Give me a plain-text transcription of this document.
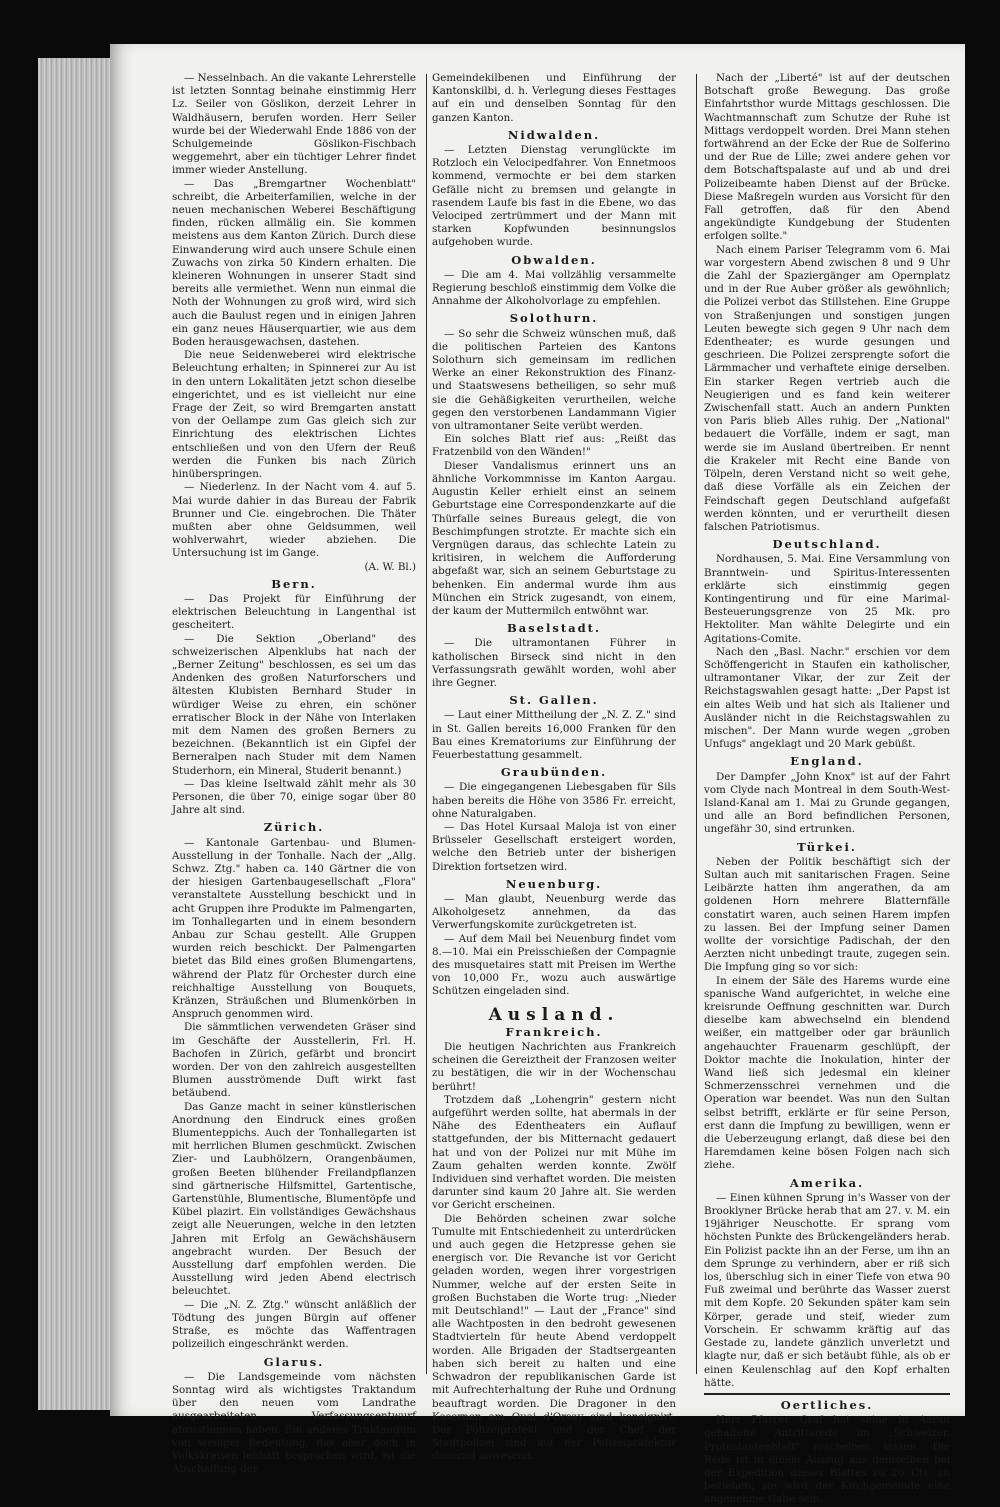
— Nesselnbach. An die vakante Lehrerstelle ist letzten Sonntag beinahe einstimmig Herr Lz. Seiler von Göslikon, derzeit Lehrer in Waldhäusern, berufen worden. Herr Seiler wurde bei der Wiederwahl Ende 1886 von der Schulgemeinde Göslikon-Fischbach weggemehrt, aber ein tüchtiger Lehrer findet immer wieder Anstellung.

— Das „Bremgartner Wochenblatt" schreibt, die Arbeiterfamilien, welche in der neuen mechanischen Weberei Beschäftigung finden, rücken allmälig ein. Sie kommen meistens aus dem Kanton Zürich. Durch diese Einwanderung wird auch unsere Schule einen Zuwachs von zirka 50 Kindern erhalten. Die kleineren Wohnungen in unserer Stadt sind bereits alle vermiethet. Wenn nun einmal die Noth der Wohnungen zu groß wird, wird sich auch die Baulust regen und in einigen Jahren ein ganz neues Häuserquartier, wie aus dem Boden herausgewachsen, dastehen.

Die neue Seidenweberei wird elektrische Beleuchtung erhalten; in Spinnerei zur Au ist in den untern Lokalitäten jetzt schon dieselbe eingerichtet, und es ist vielleicht nur eine Frage der Zeit, so wird Bremgarten anstatt von der Oellampe zum Gas gleich sich zur Einrichtung des elektrischen Lichtes entschließen und von den Ufern der Reuß werden die Funken bis nach Zürich hinüberspringen.

— Niederlenz. In der Nacht vom 4. auf 5. Mai wurde dahier in das Bureau der Fabrik Brunner und Cie. eingebrochen. Die Thäter mußten aber ohne Geldsummen, weil wohlverwahrt, wieder abziehen. Die Untersuchung ist im Gange.

(A. W. Bl.)
Bern.

— Das Projekt für Einführung der elektrischen Beleuchtung in Langenthal ist gescheitert.

— Die Sektion „Oberland" des schweizerischen Alpenklubs hat nach der „Berner Zeitung" beschlossen, es sei um das Andenken des großen Naturforschers und ältesten Klubisten Bernhard Studer in würdiger Weise zu ehren, ein schöner erratischer Block in der Nähe von Interlaken mit dem Namen des großen Berners zu bezeichnen. (Bekanntlich ist ein Gipfel der Berneralpen nach Studer mit dem Namen Studerhorn, ein Mineral, Studerit benannt.)

— Das kleine Iseltwald zählt mehr als 30 Personen, die über 70, einige sogar über 80 Jahre alt sind.

Zürich.

— Kantonale Gartenbau- und Blumen-Ausstellung in der Tonhalle. Nach der „Allg. Schwz. Ztg." haben ca. 140 Gärtner die von der hiesigen Gartenbaugesellschaft „Flora" veranstaltete Ausstellung beschickt und in acht Gruppen ihre Produkte im Palmengarten, im Tonhallegarten und in einem besondern Anbau zur Schau gestellt. Alle Gruppen wurden reich beschickt. Der Palmengarten bietet das Bild eines großen Blumengartens, während der Platz für Orchester durch eine reichhaltige Ausstellung von Bouquets, Kränzen, Sträußchen und Blumenkörben in Anspruch genommen wird.

Die sämmtlichen verwendeten Gräser sind im Geschäfte der Ausstellerin, Frl. H. Bachofen in Zürich, gefärbt und broncirt worden. Der von den zahlreich ausgestellten Blumen ausströmende Duft wirkt fast betäubend.

Das Ganze macht in seiner künstlerischen Anordnung den Eindruck eines großen Blumenteppichs. Auch der Tonhallegarten ist mit herrlichen Blumen geschmückt. Zwischen Zier- und Laubhölzern, Orangenbäumen, großen Beeten blühender Freilandpflanzen sind gärtnerische Hilfsmittel, Gartentische, Gartenstühle, Blumentische, Blumentöpfe und Kübel plazirt. Ein vollständiges Gewächshaus zeigt alle Neuerungen, welche in den letzten Jahren mit Erfolg an Gewächshäusern angebracht wurden. Der Besuch der Ausstellung darf empfohlen werden. Die Ausstellung wird jeden Abend electrisch beleuchtet.

— Die „N. Z. Ztg." wünscht anläßlich der Tödtung des jungen Bürgin auf offener Straße, es möchte das Waffentragen polizeilich eingeschränkt werden.

Glarus.

— Die Landsgemeinde vom nächsten Sonntag wird als wichtigstes Traktandum über den neuen vom Landrathe ausgearbeiteten Verfassungsentwurf abzustimmen haben. Ein anderes Traktandum von weniger Bedeutung, das aber doch in Volkskreisen lebhaft besprochen wird, ist die Abschaffung der

Gemeindekilbenen und Einführung der Kantonskilbi, d. h. Verlegung dieses Festtages auf ein und denselben Sonntag für den ganzen Kanton.

Nidwalden.

— Letzten Dienstag verunglückte im Rotzloch ein Velocipedfahrer. Von Ennetmoos kommend, vermochte er bei dem starken Gefälle nicht zu bremsen und gelangte in rasendem Laufe bis fast in die Ebene, wo das Velociped zertrümmert und der Mann mit starken Kopfwunden besinnungslos aufgehoben wurde.

Obwalden.

— Die am 4. Mai vollzählig versammelte Regierung beschloß einstimmig dem Volke die Annahme der Alkoholvorlage zu empfehlen.

Solothurn.

— So sehr die Schweiz wünschen muß, daß die politischen Parteien des Kantons Solothurn sich gemeinsam im redlichen Werke an einer Rekonstruktion des Finanz- und Staatswesens betheiligen, so sehr muß sie die Gehäßigkeiten verurtheilen, welche gegen den verstorbenen Landammann Vigier von ultramontaner Seite verübt werden.

Ein solches Blatt rief aus: „Reißt das Fratzenbild von den Wänden!"

Dieser Vandalismus erinnert uns an ähnliche Vorkommnisse im Kanton Aargau. Augustin Keller erhielt einst an seinem Geburtstage eine Correspondenzkarte auf die Thürfalle seines Bureaus gelegt, die von Beschimpfungen strotzte. Er machte sich ein Vergnügen daraus, das schlechte Latein zu kritisiren, in welchem die Aufforderung abgefaßt war, sich an seinem Geburtstage zu behenken. Ein andermal wurde ihm aus München ein Strick zugesandt, von einem, der kaum der Muttermilch entwöhnt war.

Baselstadt.

— Die ultramontanen Führer in katholischen Birseck sind nicht in den Verfassungsrath gewählt worden, wohl aber ihre Gegner.

St. Gallen.

— Laut einer Mittheilung der „N. Z. Z." sind in St. Gallen bereits 16,000 Franken für den Bau eines Krematoriums zur Einführung der Feuerbestattung gesammelt.

Graubünden.

— Die eingegangenen Liebesgaben für Sils haben bereits die Höhe von 3586 Fr. erreicht, ohne Naturalgaben.

— Das Hotel Kursaal Maloja ist von einer Brüsseler Gesellschaft ersteigert worden, welche den Betrieb unter der bisherigen Direktion fortsetzen wird.

Neuenburg.

— Man glaubt, Neuenburg werde das Alkoholgesetz annehmen, da das Verwerfungskomite zurückgetreten ist.

— Auf dem Mail bei Neuenburg findet vom 8.—10. Mai ein Preisschießen der Compagnie des musquetaires statt mit Preisen im Werthe von 10,000 Fr., wozu auch auswärtige Schützen eingeladen sind.

Ausland.
Frankreich.

Die heutigen Nachrichten aus Frankreich scheinen die Gereiztheit der Franzosen weiter zu bestätigen, die wir in der Wochenschau berührt!

Trotzdem daß „Lohengrin" gestern nicht aufgeführt werden sollte, hat abermals in der Nähe des Edentheaters ein Auflauf stattgefunden, der bis Mitternacht gedauert hat und von der Polizei nur mit Mühe im Zaum gehalten werden konnte. Zwölf Individuen sind verhaftet worden. Die meisten darunter sind kaum 20 Jahre alt. Sie werden vor Gericht erscheinen.

Die Behörden scheinen zwar solche Tumulte mit Entschiedenheit zu unterdrücken und auch gegen die Hetzpresse gehen sie energisch vor. Die Revanche ist vor Gericht geladen worden, wegen ihrer vorgestrigen Nummer, welche auf der ersten Seite in großen Buchstaben die Worte trug: „Nieder mit Deutschland!" — Laut der „France" sind alle Wachtposten in den bedroht gewesenen Stadtvierteln für heute Abend verdoppelt worden. Alle Brigaden der Stadtsergeanten haben sich bereit zu halten und eine Schwadron der republikanischen Garde ist mit Aufrechterhaltung der Ruhe und Ordnung beauftragt worden. Die Dragoner in den Kasernen am Quai d'Orsay sind konsignirt. Der Polizeipräfekt und der Chef der Stadtpolizei sind auf der Polizeipräfektur dauernd anwesend.

Nach der „Liberté" ist auf der deutschen Botschaft große Bewegung. Das große Einfahrtsthor wurde Mittags geschlossen. Die Wachtmannschaft zum Schutze der Ruhe ist Mittags verdoppelt worden. Drei Mann stehen fortwährend an der Ecke der Rue de Solferino und der Rue de Lille; zwei andere gehen vor dem Botschaftspalaste auf und ab und drei Polizeibeamte haben Dienst auf der Brücke. Diese Maßregeln wurden aus Vorsicht für den Fall getroffen, daß für den Abend angekündigte Kundgebung der Studenten erfolgen sollte."

Nach einem Pariser Telegramm vom 6. Mai war vorgestern Abend zwischen 8 und 9 Uhr die Zahl der Spaziergänger am Opernplatz und in der Rue Auber größer als gewöhnlich; die Polizei verbot das Stillstehen. Eine Gruppe von Straßenjungen und sonstigen jungen Leuten bewegte sich gegen 9 Uhr nach dem Edentheater; es wurde gesungen und geschrieen. Die Polizei zersprengte sofort die Lärmmacher und verhaftete einige derselben. Ein starker Regen vertrieb auch die Neugierigen und es fand kein weiterer Zwischenfall statt. Auch an andern Punkten von Paris blieb Alles ruhig. Der „National" bedauert die Vorfälle, indem er sagt, man werde sie im Ausland übertreiben. Er nennt die Krakeler mit Recht eine Bande von Tölpeln, deren Verstand nicht so weit gehe, daß diese Vorfälle als ein Zeichen der Feindschaft gegen Deutschland aufgefaßt werden könnten, und er verurtheilt diesen falschen Patriotismus.

Deutschland.

Nordhausen, 5. Mai. Eine Versammlung von Branntwein- und Spiritus-Interessenten erklärte sich einstimmig gegen Kontingentirung und für eine Marimal-Besteuerungsgrenze von 25 Mk. pro Hektoliter. Man wählte Delegirte und ein Agitations-Comite.

Nach den „Basl. Nachr." erschien vor dem Schöffengericht in Staufen ein katholischer, ultramontaner Vikar, der zur Zeit der Reichstagswahlen gesagt hatte: „Der Papst ist ein altes Weib und hat sich als Italiener und Ausländer nicht in die Reichstagswahlen zu mischen". Der Mann wurde wegen „groben Unfugs" angeklagt und 20 Mark gebüßt.

England.

Der Dampfer „John Knox" ist auf der Fahrt vom Clyde nach Montreal in dem South-West-Island-Kanal am 1. Mai zu Grunde gegangen, und alle an Bord befindlichen Personen, ungefähr 30, sind ertrunken.

Türkei.

Neben der Politik beschäftigt sich der Sultan auch mit sanitarischen Fragen. Seine Leibärzte hatten ihm angerathen, da am goldenen Horn mehrere Blatternfälle constatirt waren, auch seinen Harem impfen zu lassen. Bei der Impfung seiner Damen wollte der vorsichtige Padischah, der den Aerzten nicht unbedingt traute, zugegen sein. Die Impfung ging so vor sich:

In einem der Säle des Harems wurde eine spanische Wand aufgerichtet, in welche eine kreisrunde Oeffnung geschnitten war. Durch dieselbe kam abwechselnd ein blendend weißer, ein mattgelber oder gar bräunlich angehauchter Frauenarm geschlüpft, der Doktor machte die Inokulation, hinter der Wand ließ sich jedesmal ein kleiner Schmerzensschrei vernehmen und die Operation war beendet. Was nun den Sultan selbst betrifft, erklärte er für seine Person, erst dann die Impfung zu bewilligen, wenn er die Ueberzeugung erlangt, daß diese bei den Haremdamen keine bösen Folgen nach sich ziehe.

Amerika.

— Einen kühnen Sprung in's Wasser von der Brooklyner Brücke herab that am 27. v. M. ein 19jähriger Neuschotte. Er sprang vom höchsten Punkte des Brückengeländers herab. Ein Polizist packte ihn an der Ferse, um ihn an dem Sprunge zu verhindern, aber er riß sich los, überschlug sich in einer Tiefe von etwa 90 Fuß zweimal und berührte das Wasser zuerst mit dem Kopfe. 20 Sekunden später kam sein Körper, gerade und steif, wieder zum Vorschein. Er schwamm kräftig auf das Gestade zu, landete gänzlich unverletzt und klagte nur, daß er sich betäubt fühle, als ob er einen Keulenschlag auf den Kopf erhalten hätte.

Oertliches.

Herr Pfarrer Graf hat seine in Aarau gehaltene Antrittsrede im „Schweizer. Protestantenblatt" erscheinen lassen. Die Rede ist in einem Auszug aus demselben bei der Expedition dieses Blattes zu 20 Cts. zu beziehen; sie wird der Kirchgemeinde eine angenehme Gabe sein.
